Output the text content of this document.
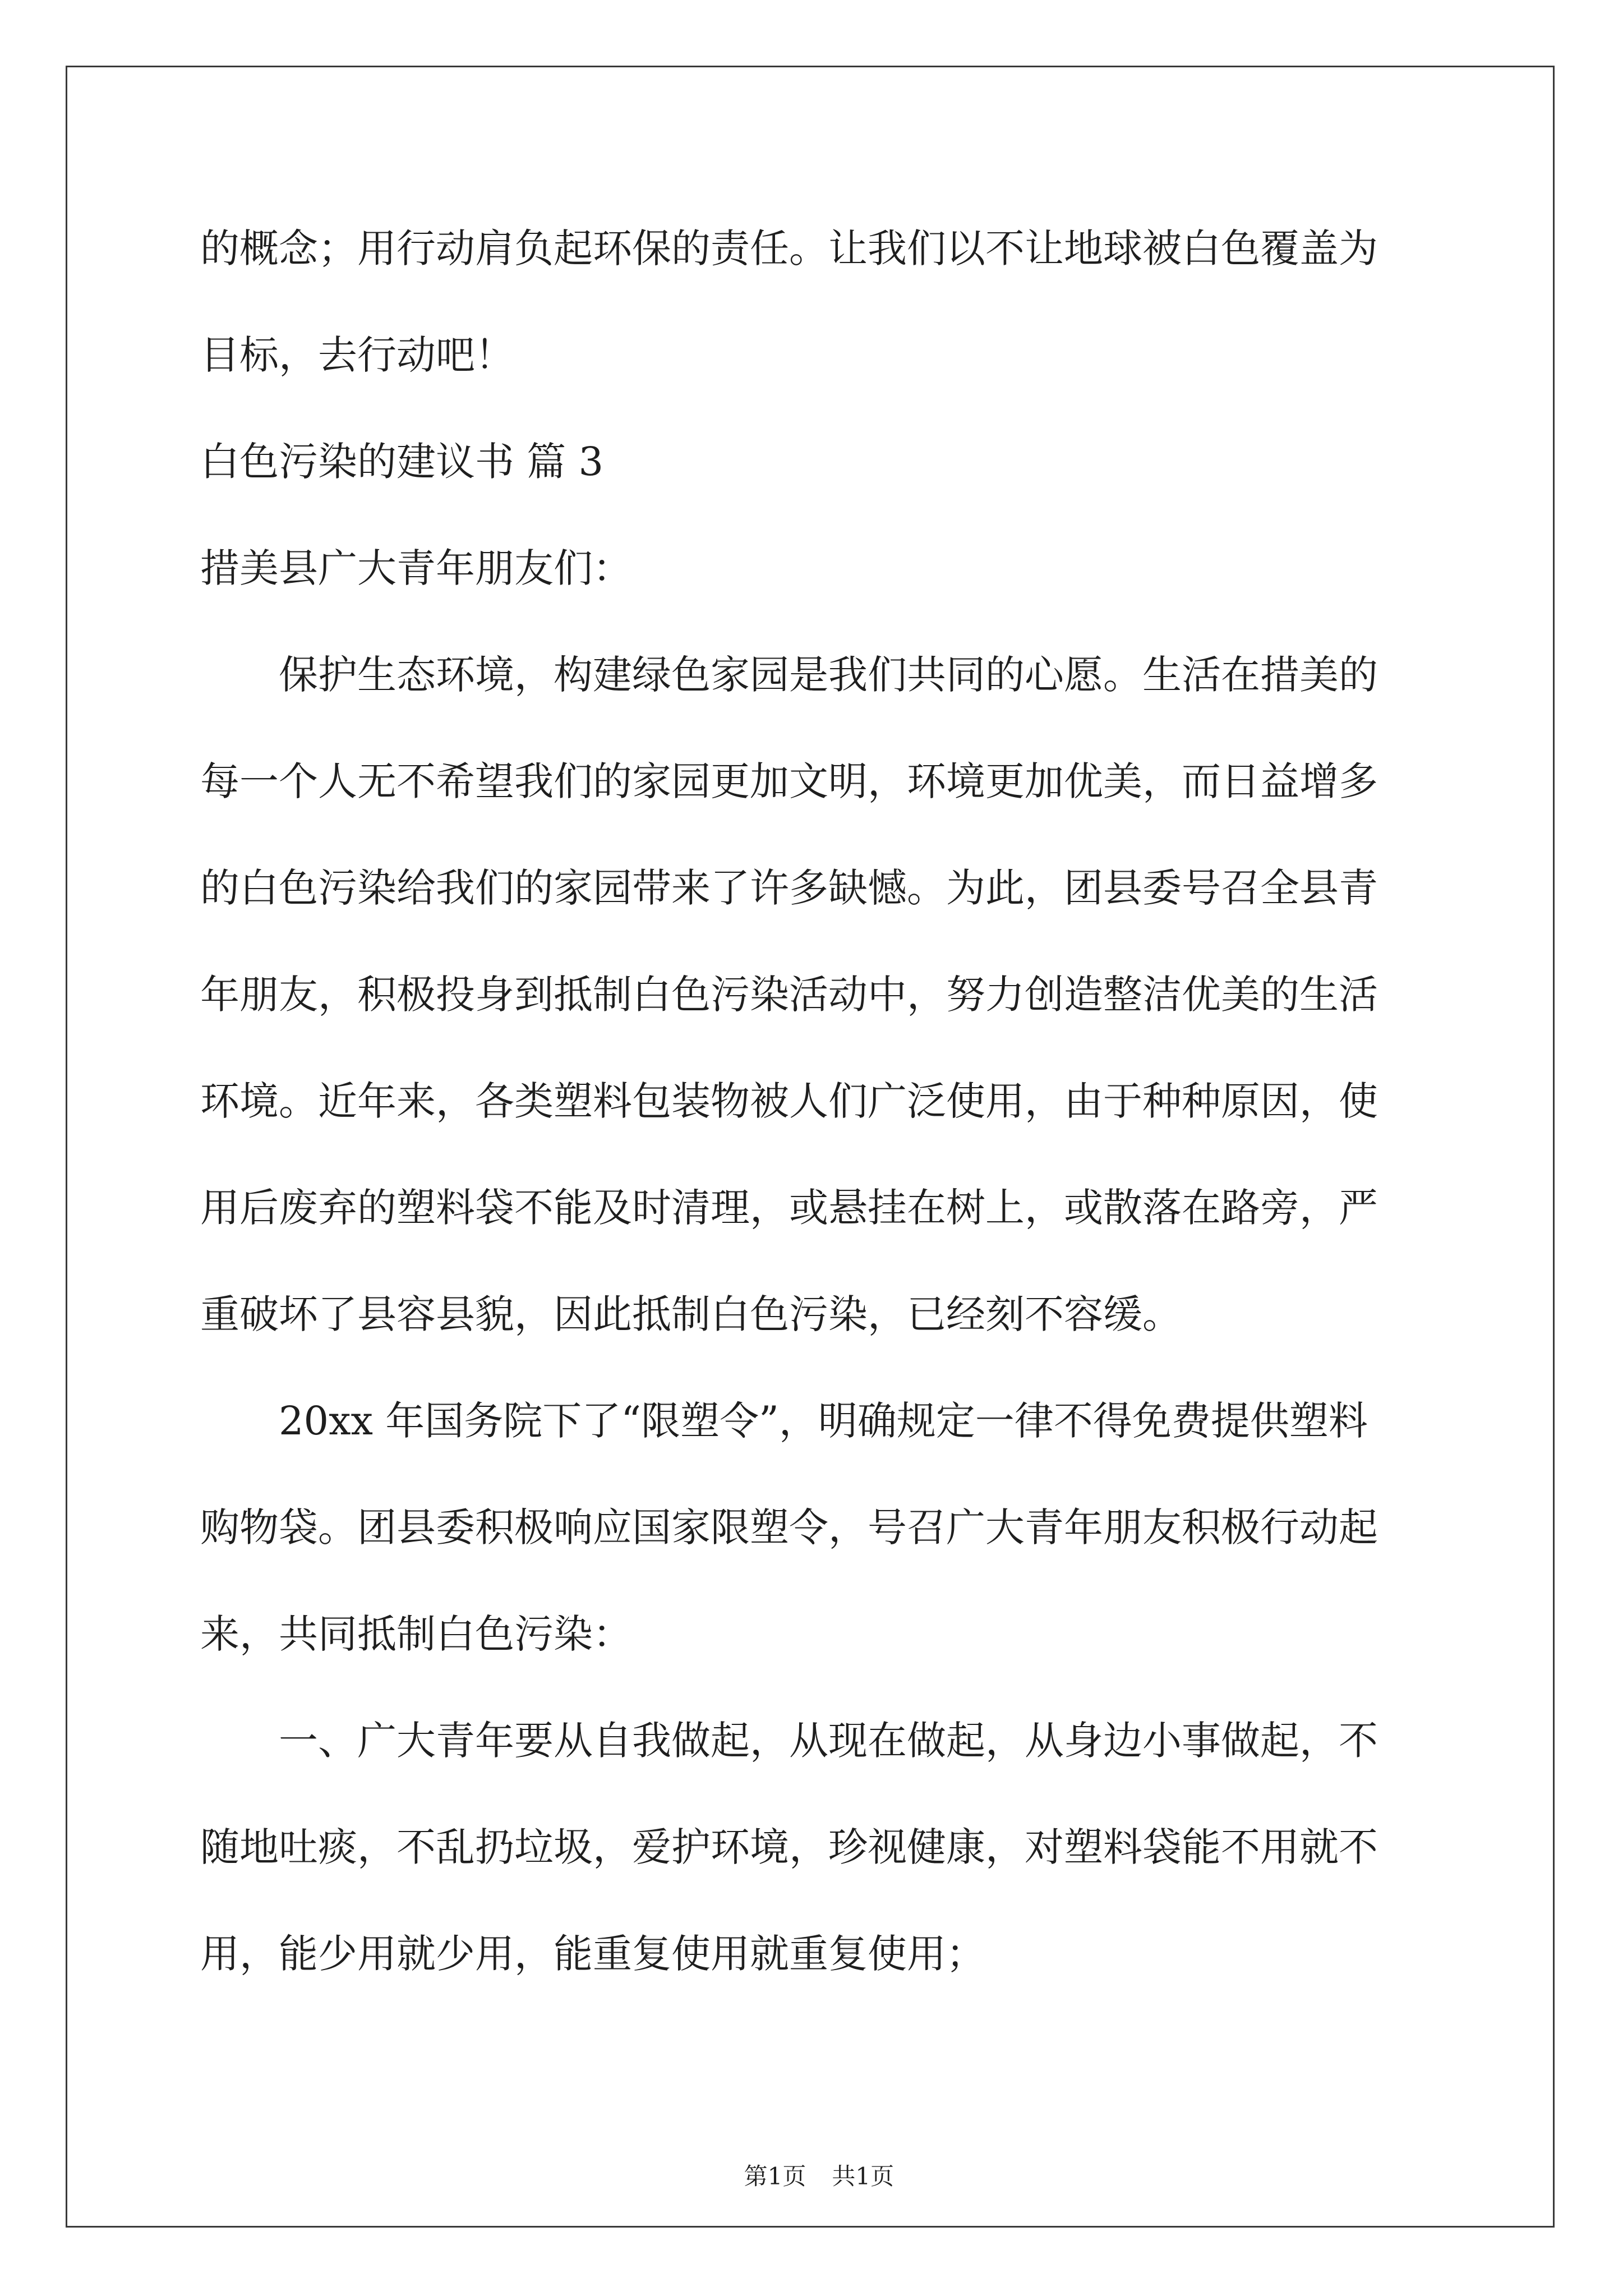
的概念；用行动肩负起环保的责任。让我们以不让地球被白色覆盖为
目标，去行动吧！
白色污染的建议书 篇 3
措美县广大青年朋友们：
保护生态环境，构建绿色家园是我们共同的心愿。生活在措美的
每一个人无不希望我们的家园更加文明，环境更加优美，而日益增多
的白色污染给我们的家园带来了许多缺憾。为此，团县委号召全县青
年朋友，积极投身到抵制白色污染活动中，努力创造整洁优美的生活
环境。近年来，各类塑料包装物被人们广泛使用，由于种种原因，使
用后废弃的塑料袋不能及时清理，或悬挂在树上，或散落在路旁，严
重破坏了县容县貌，因此抵制白色污染，已经刻不容缓。
20xx 年国务院下了“限塑令”，明确规定一律不得免费提供塑料
购物袋。团县委积极响应国家限塑令，号召广大青年朋友积极行动起
来，共同抵制白色污染：
一、广大青年要从自我做起，从现在做起，从身边小事做起，不
随地吐痰，不乱扔垃圾，爱护环境，珍视健康，对塑料袋能不用就不
用，能少用就少用，能重复使用就重复使用；

第1页 共1页
